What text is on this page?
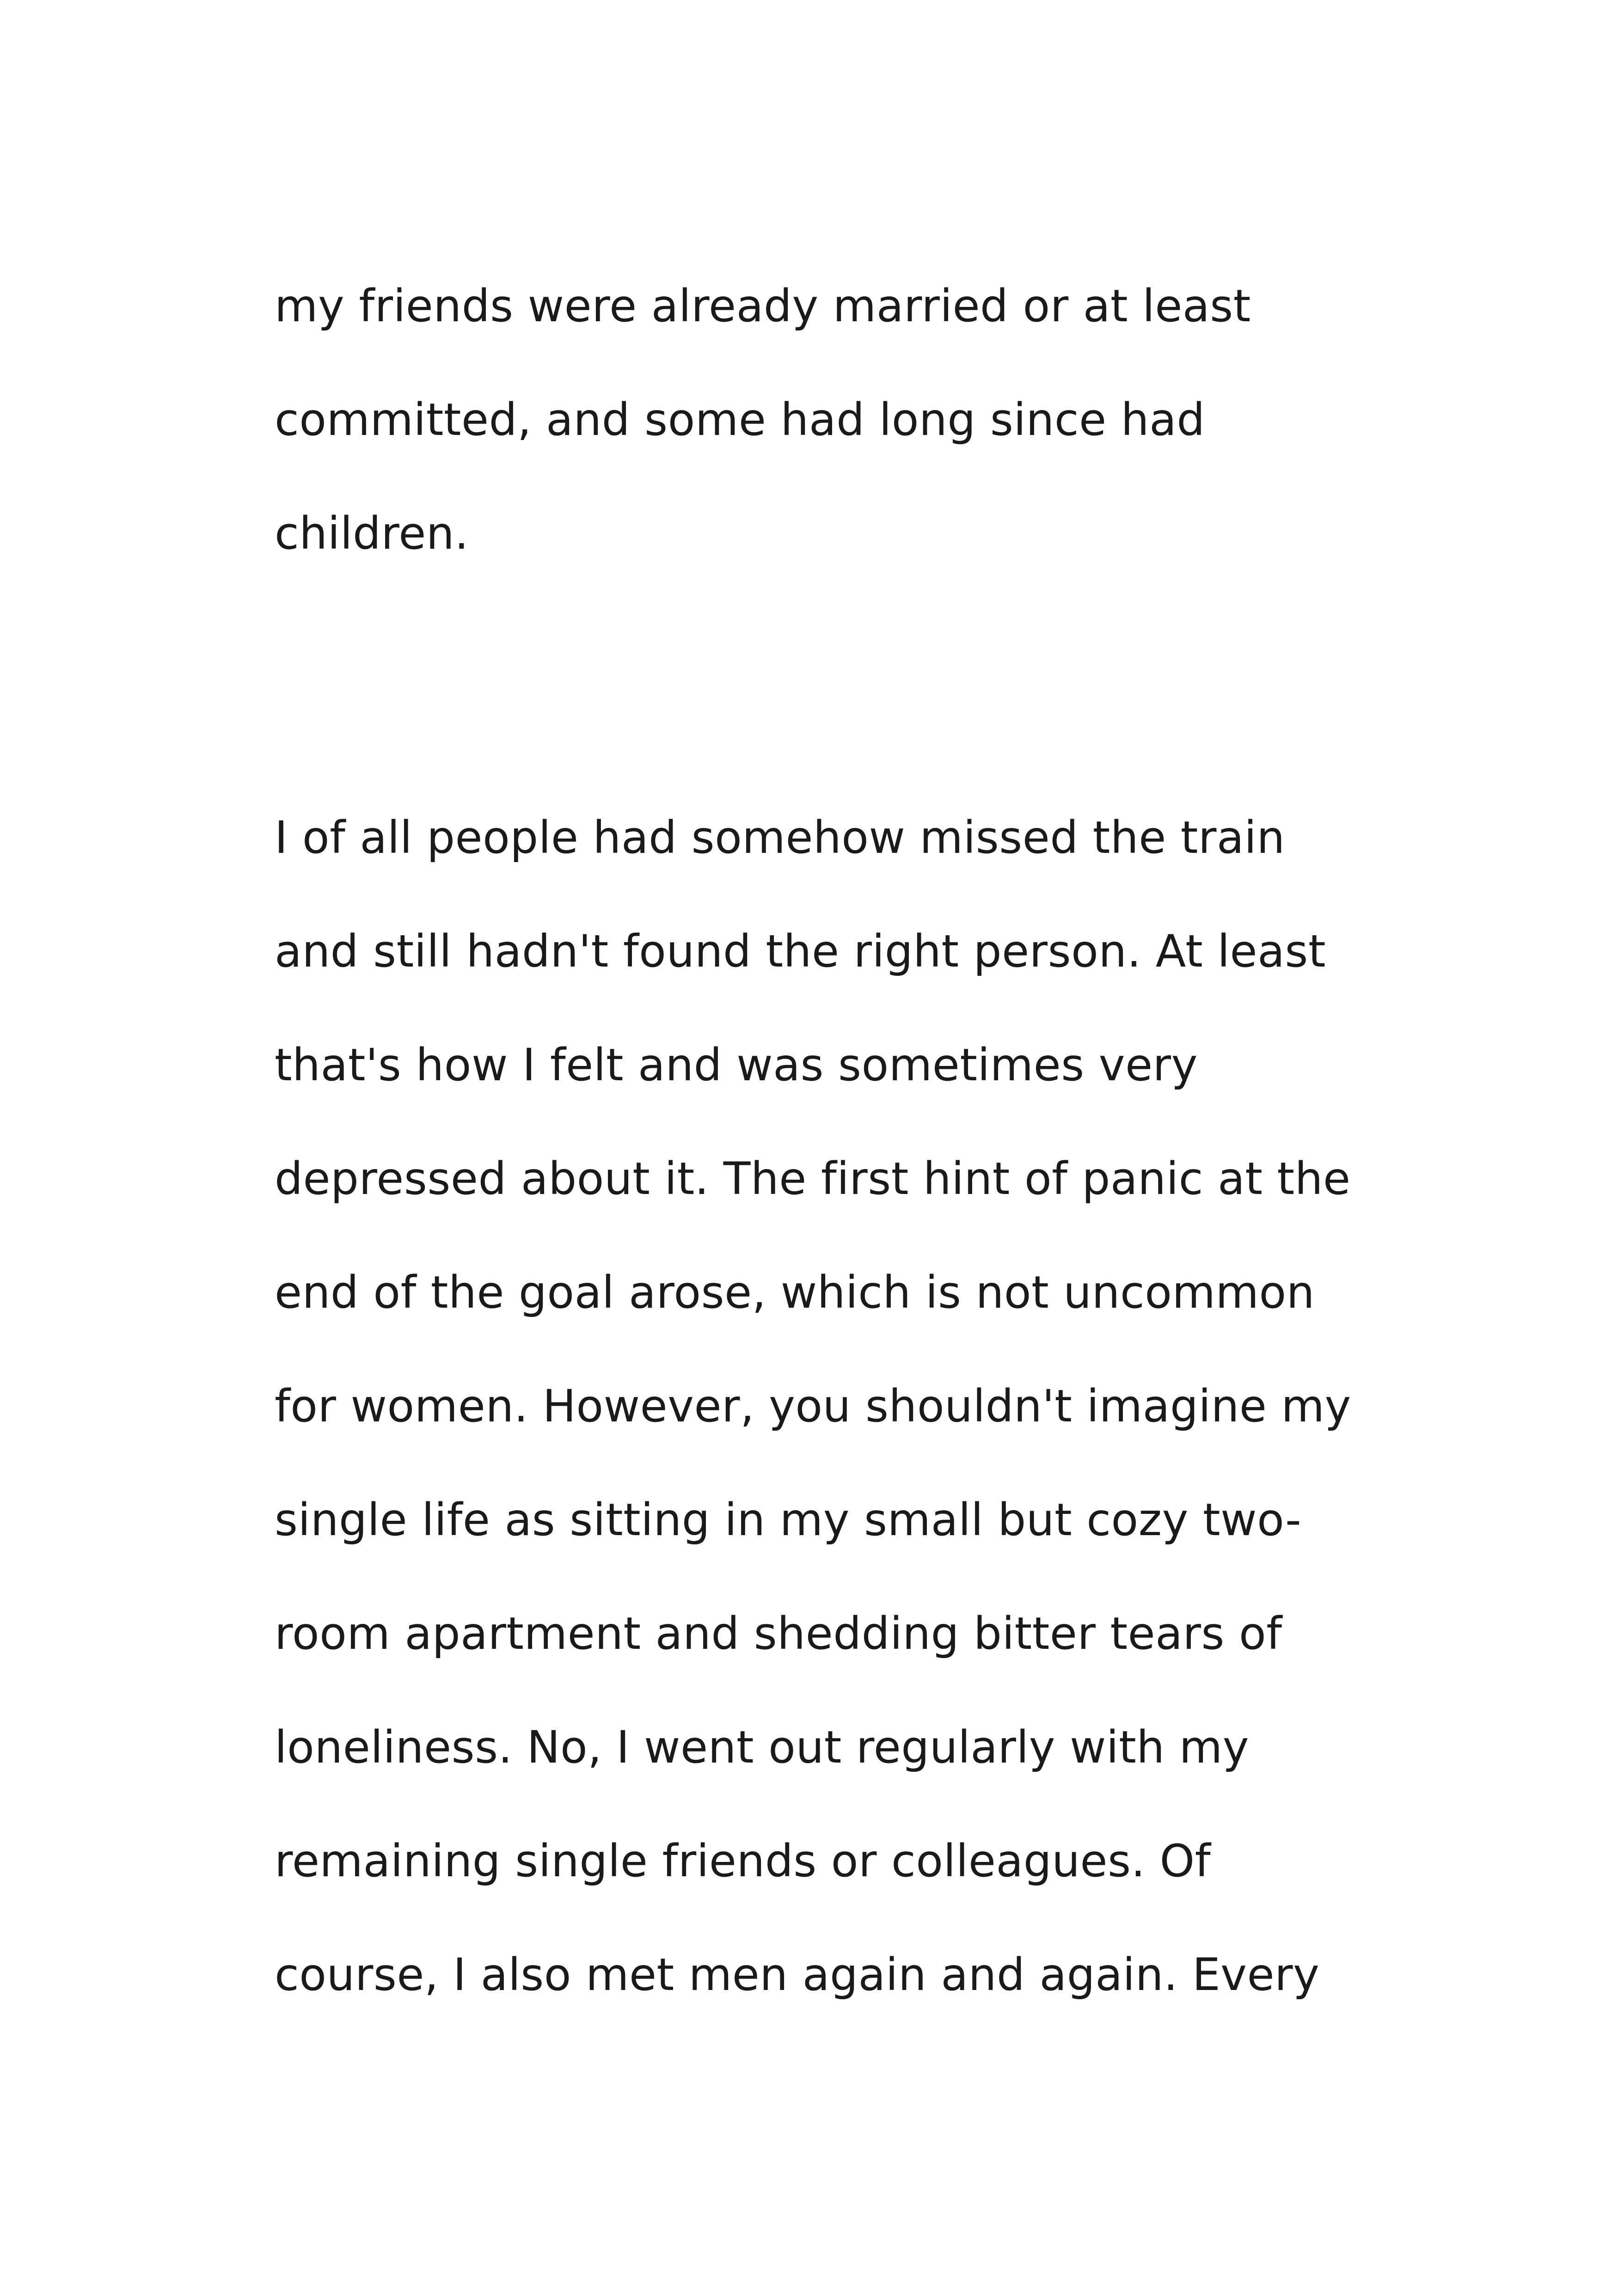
my friends were already married or at least

committed, and some had long since had

children.

I of all people had somehow missed the train

and still hadn't found the right person. At least

that's how I felt and was sometimes very

depressed about it. The first hint of panic at the

end of the goal arose, which is not uncommon

for women. However, you shouldn't imagine my

single life as sitting in my small but cozy two-

room apartment and shedding bitter tears of

loneliness. No, I went out regularly with my

remaining single friends or colleagues. Of

course, I also met men again and again. Every
